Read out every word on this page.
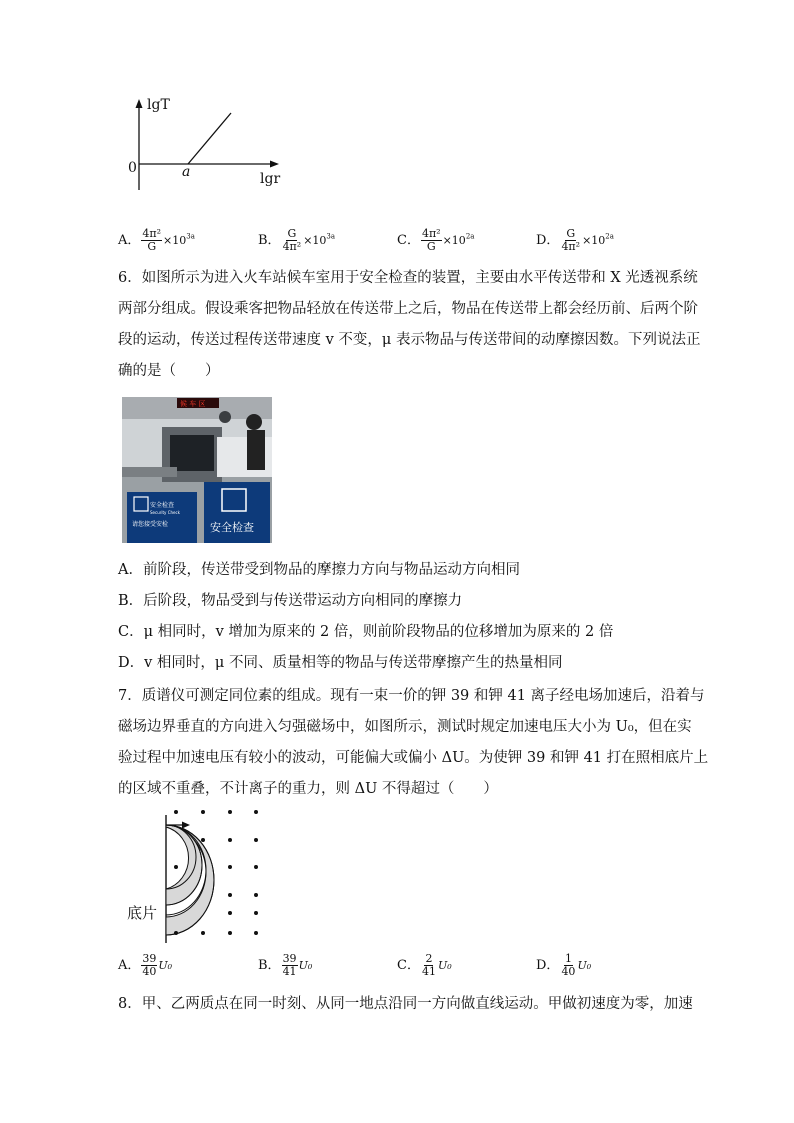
lgT
0	a	lgr
A． $\frac{\text{4π²}}{G} \times 10^{3a}$	B． $\frac{G}{\text{4π²}} \times 10^{3a}$	C． $\frac{\text{4π²}}{G} \times 10^{2a}$	D． $\frac{G}{\text{4π²}} \times 10^{2a}$
6．如图所示为进入火车站候车室用于安全检查的装置，主要由水平传送带和 X 光透视系统
两部分组成。假设乘客把物品轻放在传送带上之后，物品在传送带上都会经历前、后两个阶
段的运动，传送过程传送带速度 v 不变，μ 表示物品与传送带间的动摩擦因数。下列说法正
确的是（　　）
候 车 区
安全检查
Security Check
请您接受安检	安全检查
A．前阶段，传送带受到物品的摩擦力方向与物品运动方向相同
B．后阶段，物品受到与传送带运动方向相同的摩擦力
C．μ 相同时，v 增加为原来的 2 倍，则前阶段物品的位移增加为原来的 2 倍
D．v 相同时，μ 不同、质量相等的物品与传送带摩擦产生的热量相同
7．质谱仪可测定同位素的组成。现有一束一价的钾 39 和钾 41 离子经电场加速后，沿着与
磁场边界垂直的方向进入匀强磁场中，如图所示，测试时规定加速电压大小为 U₀，但在实
验过程中加速电压有较小的波动，可能偏大或偏小 ΔU。为使钾 39 和钾 41 打在照相底片上
的区域不重叠，不计离子的重力，则 ΔU 不得超过（　　）
底片
A． $\frac{39}{40} U_0$	B． $\frac{39}{41} U_0$	C． $\frac{2}{41} U_0$	D． $\frac{1}{40} U_0$
8．甲、乙两质点在同一时刻、从同一地点沿同一方向做直线运动。甲做初速度为零，加速
